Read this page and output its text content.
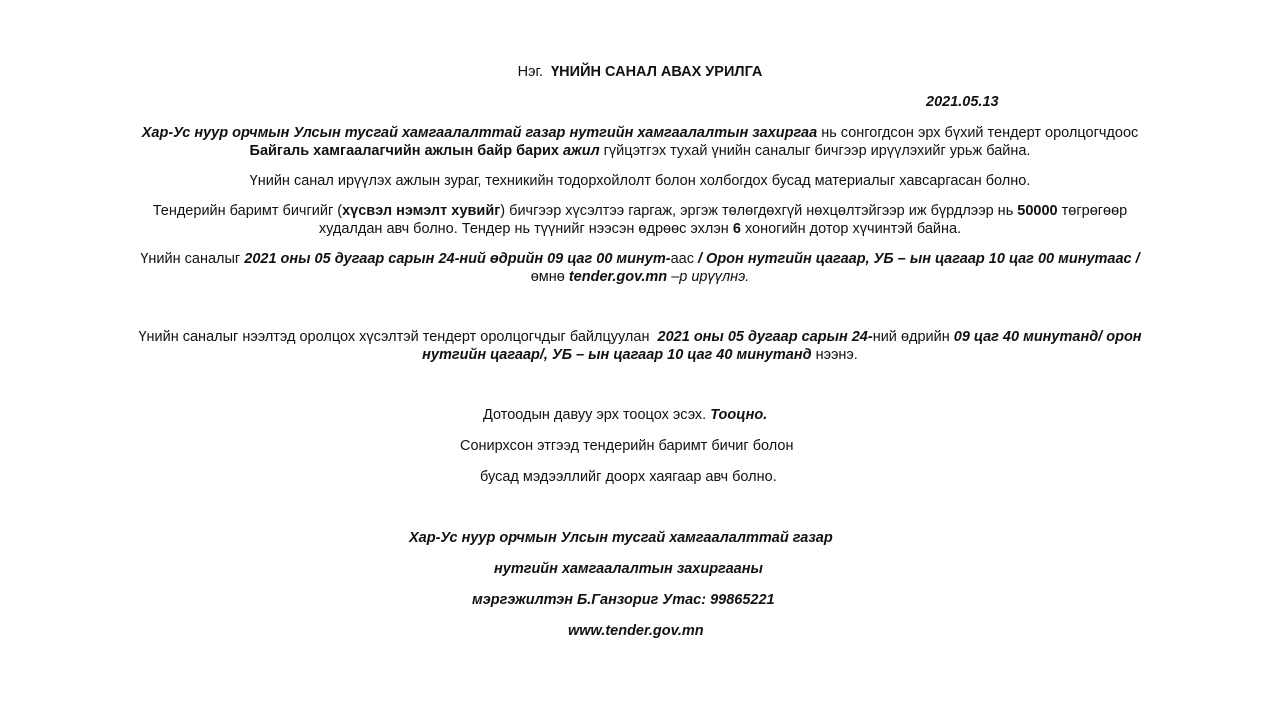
Нэг. ҮНИЙН САНАЛ АВАХ УРИЛГА
2021.05.13
Хар-Ус нуур орчмын Улсын тусгай хамгаалалттай газар нутгийн хамгаалалтын захиргаа нь сонгогдсон эрх бүхий тендерт оролцогчдоос
Байгаль хамгаалагчийн ажлын байр барих ажил гүйцэтгэх тухай үнийн саналыг бичгээр ирүүлэхийг урьж байна.
Үнийн санал ирүүлэх ажлын зураг, техникийн тодорхойлолт болон холбогдох бусад материалыг хавсаргасан болно.
Тендерийн баримт бичгийг (хүсвэл нэмэлт хувийг) бичгээр хүсэлтээ гаргаж, эргэж төлөгдөхгүй нөхцөлтэйгээр иж бүрдлээр нь 50000 төгрөгөөр
худалдан авч болно. Тендер нь түүнийг нээсэн өдрөөс эхлэн 6 хоногийн дотор хүчинтэй байна.
Үнийн саналыг 2021 оны 05 дугаар сарын 24-ний өдрийн 09 цаг 00 минут-аас / Орон нутгийн цагаар, УБ – ын цагаар 10 цаг 00 минутаас /
өмнө tender.gov.mn –р ирүүлнэ.
Үнийн саналыг нээлтэд оролцох хүсэлтэй тендерт оролцогчдыг байлцуулан 2021 оны 05 дугаар сарын 24-ний өдрийн 09 цаг 40 минутанд/ орон
нутгийн цагаар/, УБ – ын цагаар 10 цаг 40 минутанд нээнэ.
Дотоодын давуу эрх тооцох эсэх. Тооцно.
Сонирхсон этгээд тендерийн баримт бичиг болон
бусад мэдээллийг доорх хаягаар авч болно.
Хар-Ус нуур орчмын Улсын тусгай хамгаалалттай газар
нутгийн хамгаалалтын захиргааны
мэргэжилтэн Б.Ганзориг Утас: 99865221
www.tender.gov.mn
